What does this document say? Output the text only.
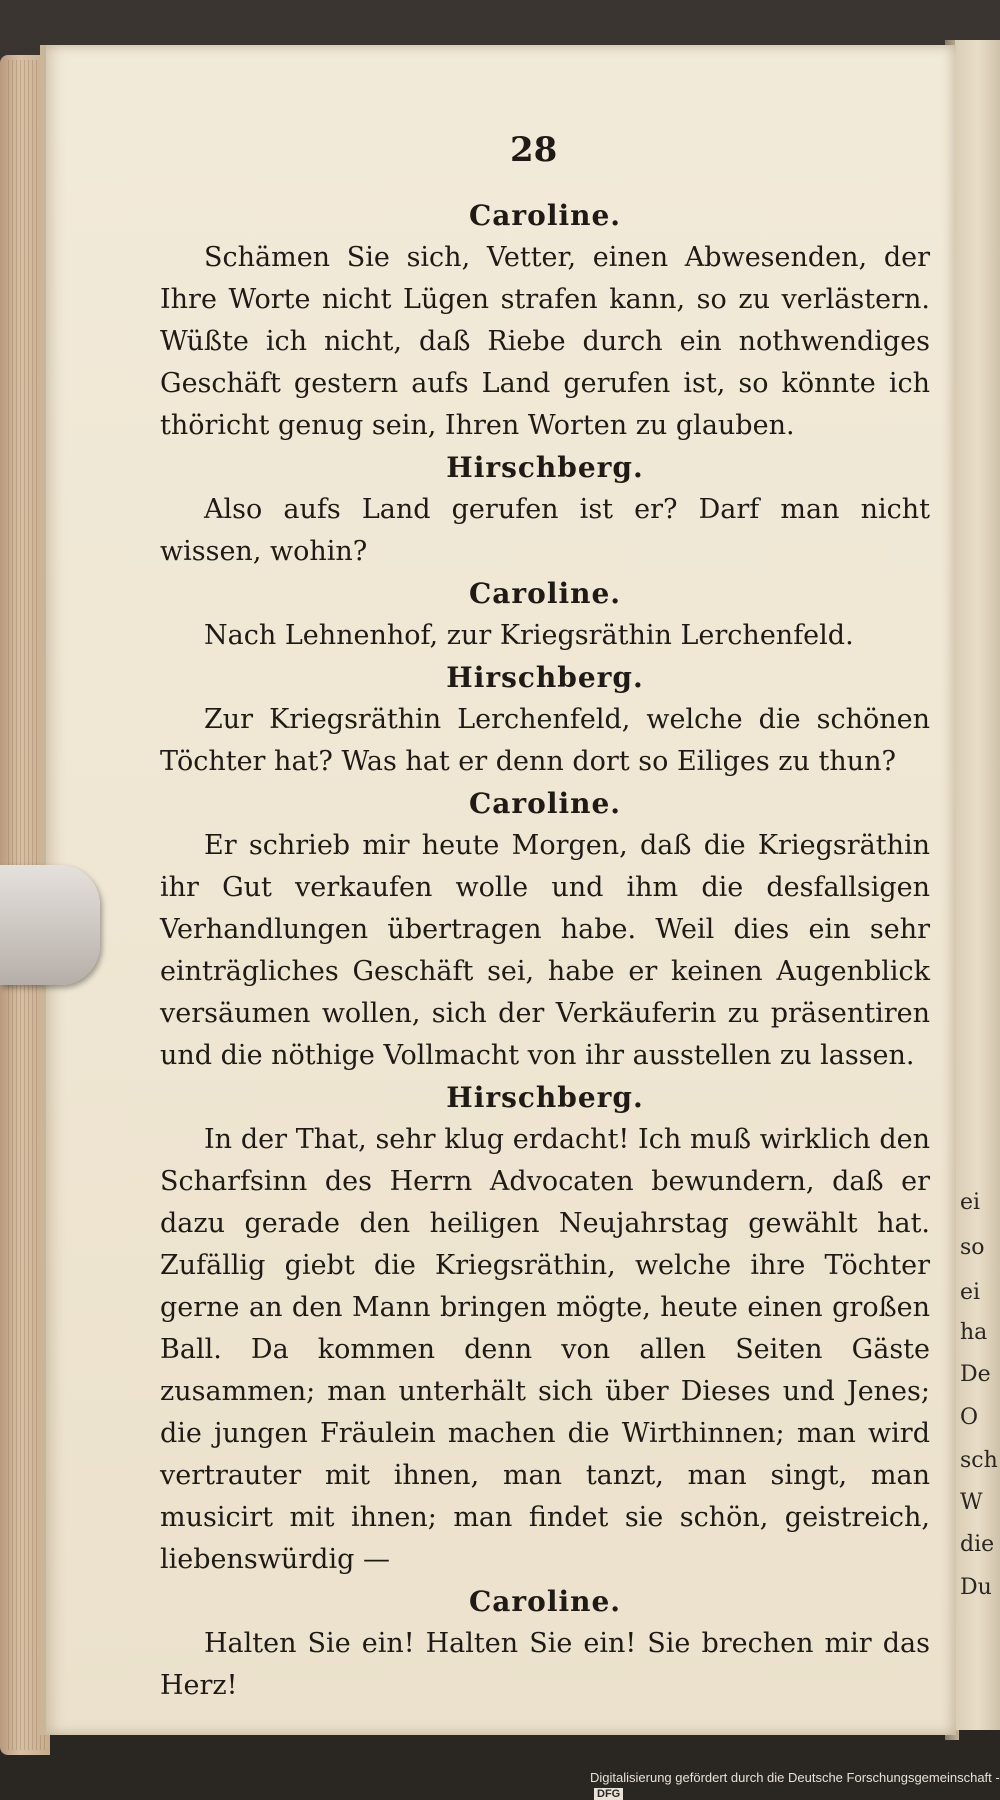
28

Caroline.

Schämen Sie sich, Vetter, einen Abwesenden, der Ihre Worte nicht Lügen strafen kann, so zu verlästern. Wüßte ich nicht, daß Riebe durch ein nothwendiges Geschäft gestern aufs Land gerufen ist, so könnte ich thöricht genug sein, Ihren Worten zu glauben.

Hirschberg.

Also aufs Land gerufen ist er? Darf man nicht wissen, wohin?

Caroline.

Nach Lehnenhof, zur Kriegsräthin Lerchenfeld.

Hirschberg.

Zur Kriegsräthin Lerchenfeld, welche die schönen Töchter hat? Was hat er denn dort so Eiliges zu thun?

Caroline.

Er schrieb mir heute Morgen, daß die Kriegsräthin ihr Gut verkaufen wolle und ihm die desfallsigen Verhandlungen übertragen habe. Weil dies ein sehr einträgliches Geschäft sei, habe er keinen Augenblick versäumen wollen, sich der Verkäuferin zu präsentiren und die nöthige Vollmacht von ihr ausstellen zu lassen.

Hirschberg.

In der That, sehr klug erdacht! Ich muß wirklich den Scharfsinn des Herrn Advocaten bewundern, daß er dazu gerade den heiligen Neujahrstag gewählt hat. Zufällig giebt die Kriegsräthin, welche ihre Töchter gerne an den Mann bringen mögte, heute einen großen Ball. Da kommen denn von allen Seiten Gäste zusammen; man unterhält sich über Dieses und Jenes; die jungen Fräulein machen die Wirthinnen; man wird vertrauter mit ihnen, man tanzt, man singt, man musicirt mit ihnen; man findet sie schön, geistreich, liebenswürdig —

Caroline.

Halten Sie ein! Halten Sie ein! Sie brechen mir das Herz!

ei
so
ei
ha
De
O
sch
W
die
Du
Digitalisierung gefördert durch die Deutsche Forschungsgemeinschaft -DFG
